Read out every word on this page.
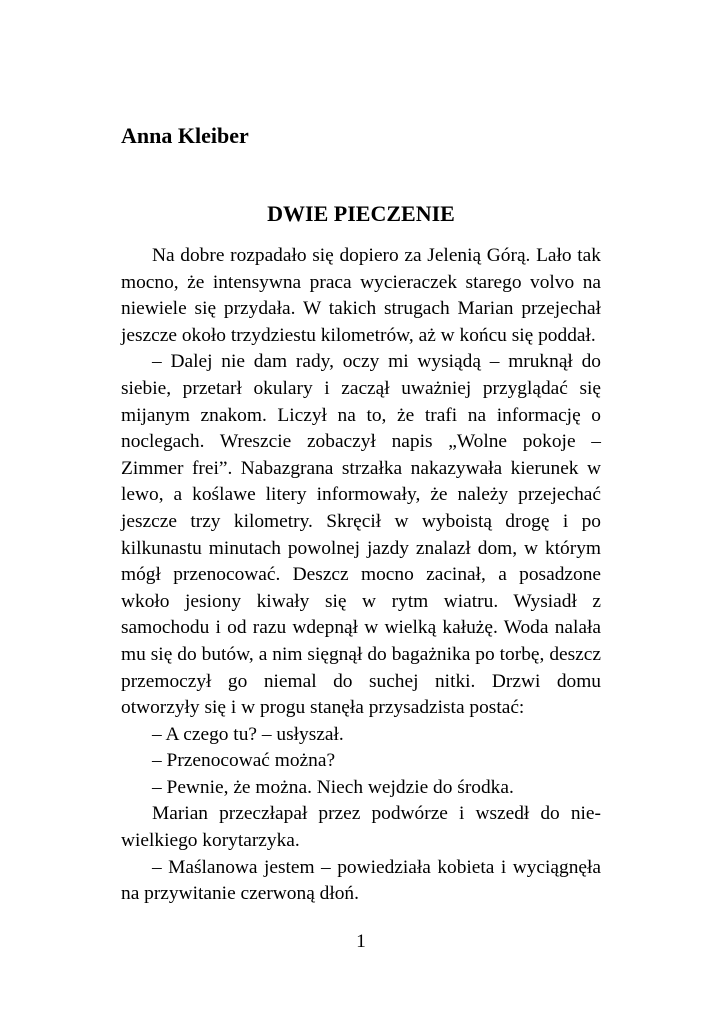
Anna Kleiber
DWIE PIECZENIE

Na dobre rozpadało się dopiero za Jelenią Górą. Lało tak mocno, że intensywna praca wycieraczek starego volvo na niewiele się przydała. W takich strugach Marian przejechał jeszcze około trzydziestu kilometrów, aż w końcu się poddał.

– Dalej nie dam rady, oczy mi wysiądą – mruknął do siebie, przetarł okulary i zaczął uważniej przyglądać się mijanym znakom. Liczył na to, że trafi na informację o noclegach. Wreszcie zobaczył napis „Wolne pokoje – Zimmer frei”. Nabazgrana strzałka nakazywała kierunek w lewo, a koślawe litery informowały, że należy przejechać jeszcze trzy kilometry. Skręcił w wyboistą drogę i po kilkunastu minutach powolnej jazdy znalazł dom, w którym mógł przenocować. Deszcz mocno zacinał, a posadzone wkoło jesiony kiwały się w rytm wiatru. Wysiadł z samochodu i od razu wdepnął w wielką kałużę. Woda nalała mu się do butów, a nim sięgnął do bagażnika po torbę, deszcz przemoczył go niemal do suchej nitki. Drzwi domu otworzyły się i w progu stanęła przysadzista postać:

– A czego tu? – usłyszał.

– Przenocować można?

– Pewnie, że można. Niech wejdzie do środka.

Marian przeczłapał przez podwórze i wszedł do niewielkiego korytarzyka.

– Maślanowa jestem – powiedziała kobieta i wyciągnęła na przywitanie czerwoną dłoń.

1
